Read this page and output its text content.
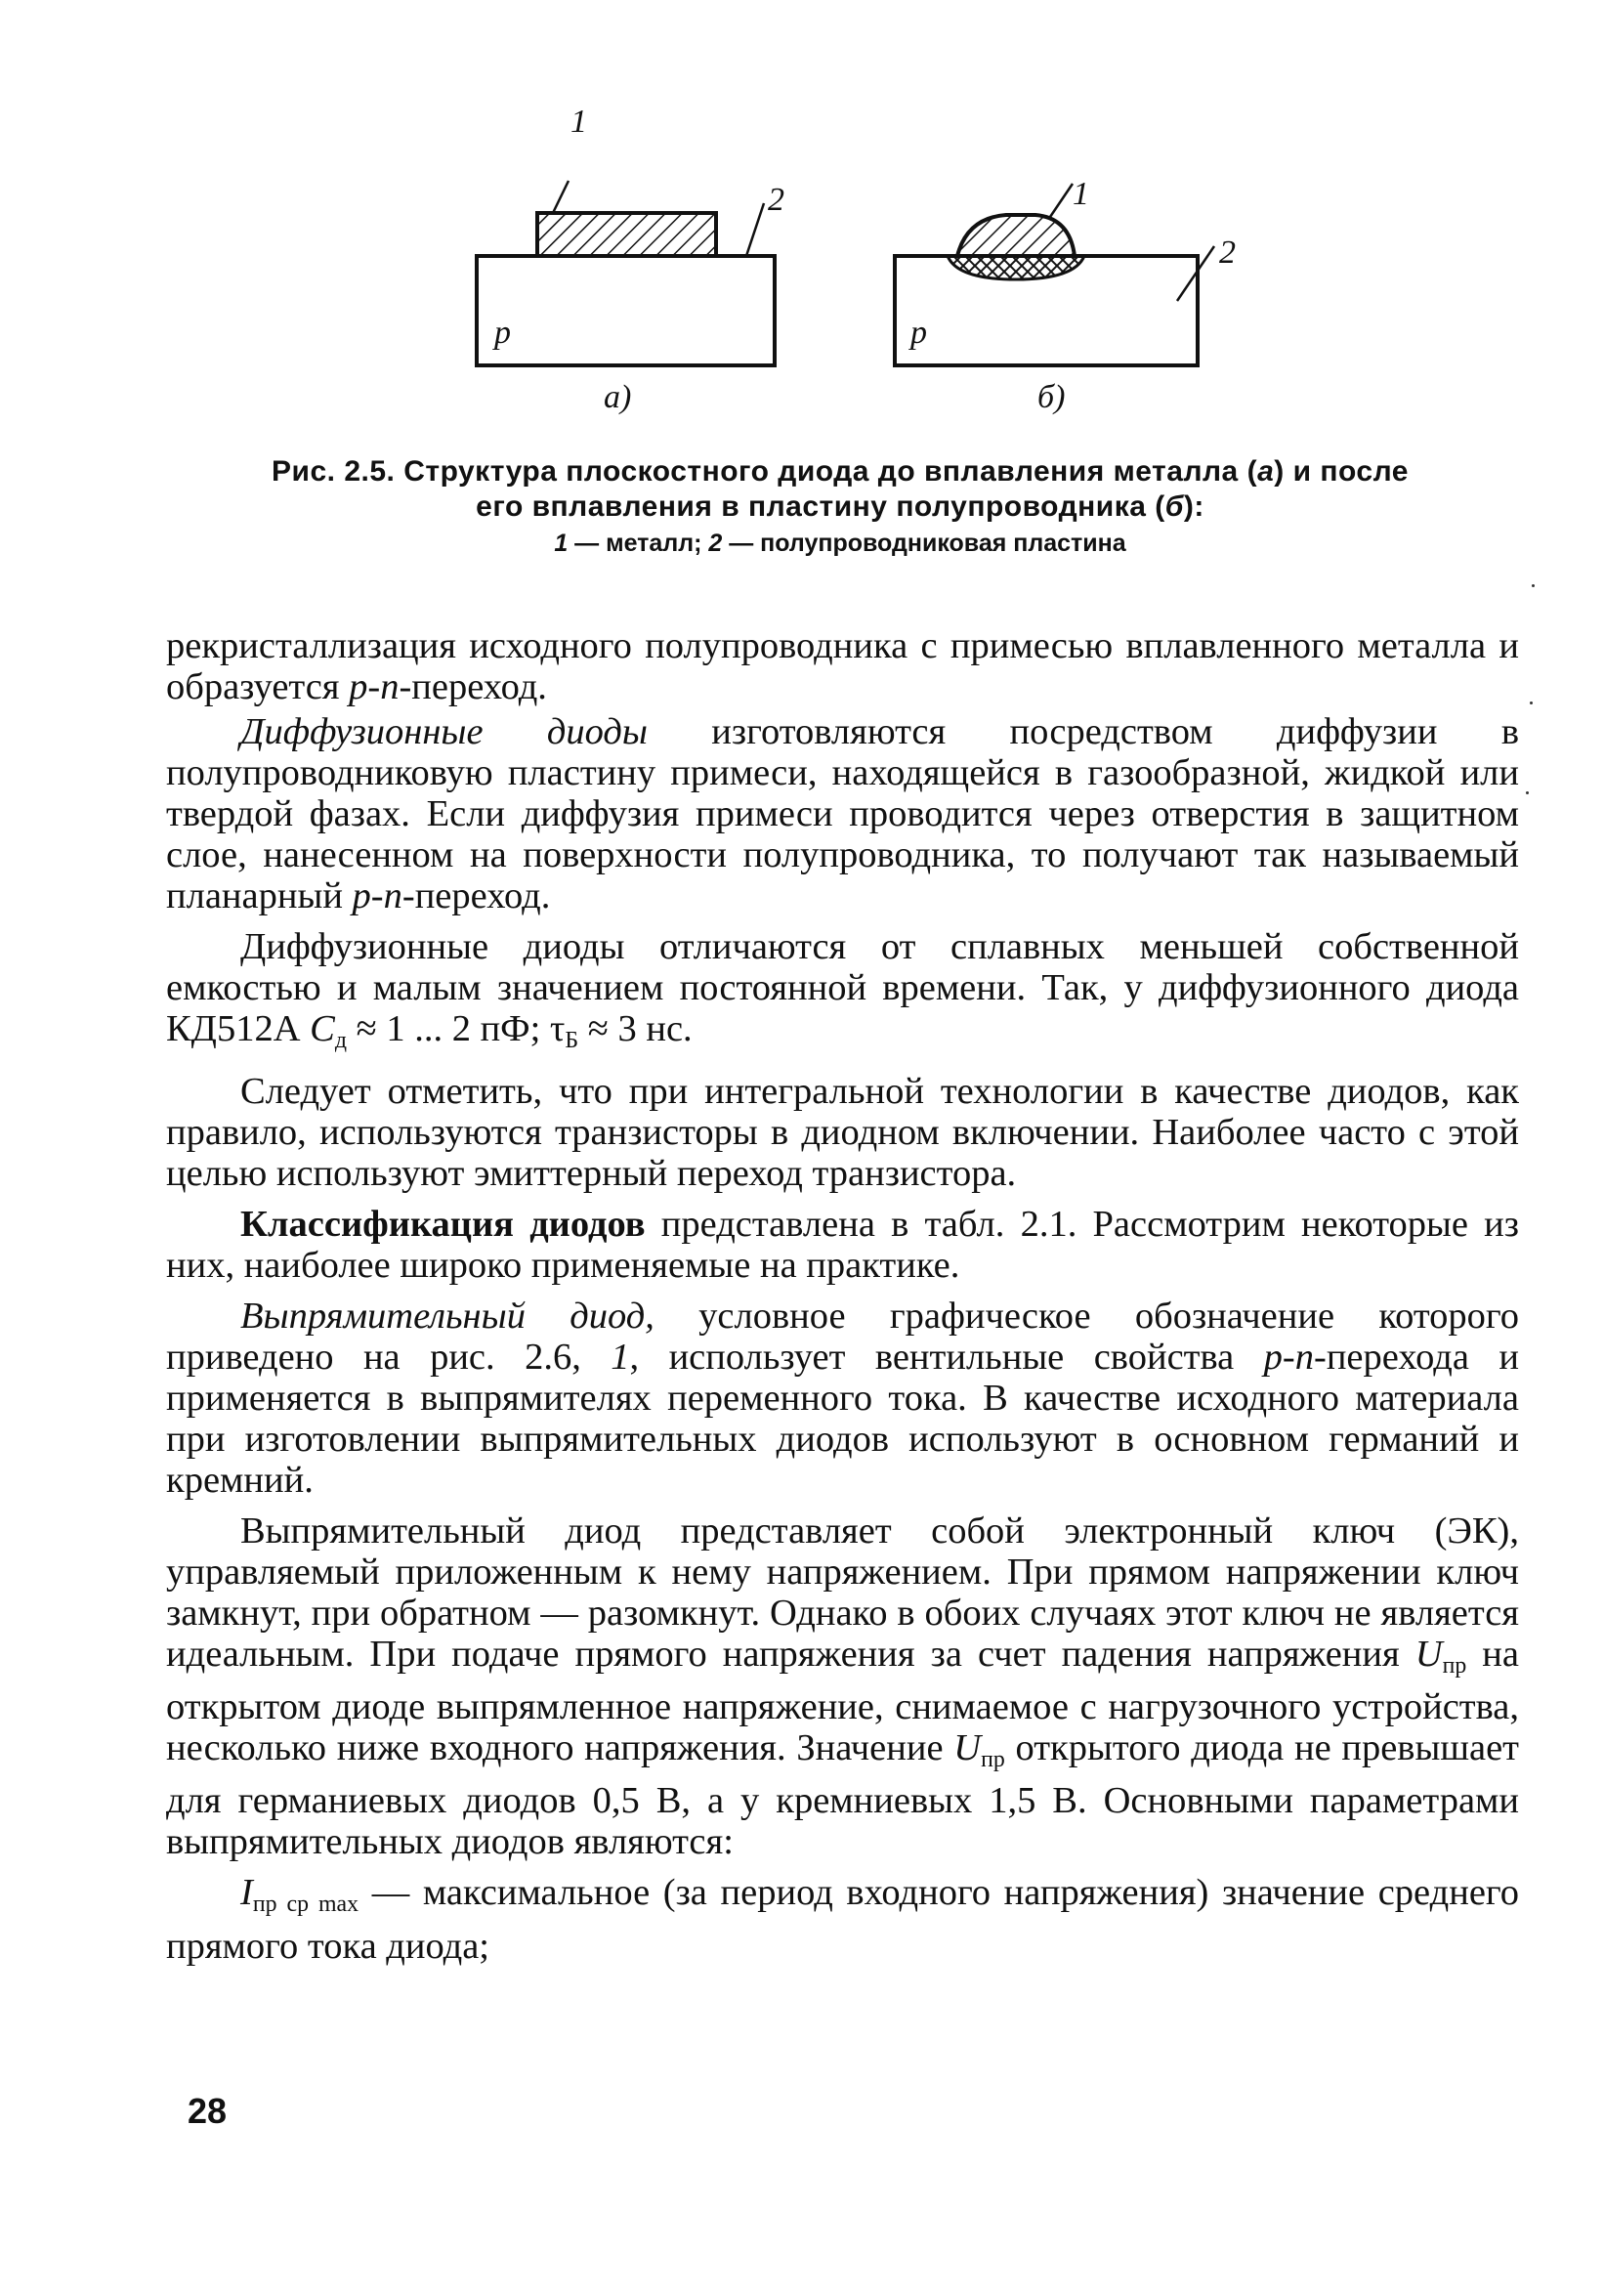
1
2
p
а)
1
2
p
б)
Рис. 2.5. Структура плоскостного диода до вплавления металла (а) и после
его вплавления в пластину полупроводника (б):
1 — металл; 2 — полупроводниковая пластина

рекристаллизация исходного полупроводника с примесью вплавленного металла и образуется p-n-переход.

Диффузионные диоды изготовляются посредством диффузии в полупроводниковую пластину примеси, находящейся в газообразной, жидкой или твердой фазах. Если диффузия примеси проводится через отверстия в защитном слое, нанесенном на поверхности полупроводника, то получают так называемый планарный p-n-переход.

Диффузионные диоды отличаются от сплавных меньшей собственной емкостью и малым значением постоянной времени. Так, у диффузионного диода КД512А $C_д \approx 1$ ... 2 пФ; $\tau_Б \approx 3$ нс.

Следует отметить, что при интегральной технологии в качестве диодов, как правило, используются транзисторы в диодном включении. Наиболее часто с этой целью используют эмиттерный переход транзистора.

Классификация диодов представлена в табл. 2.1. Рассмотрим некоторые из них, наиболее широко применяемые на практике.

Выпрямительный диод, условное графическое обозначение которого приведено на рис. 2.6, 1, использует вентильные свойства p-n-перехода и применяется в выпрямителях переменного тока. В качестве исходного материала при изготовлении выпрямительных диодов используют в основном германий и кремний.

Выпрямительный диод представляет собой электронный ключ (ЭК), управляемый приложенным к нему напряжением. При прямом напряжении ключ замкнут, при обратном — разомкнут. Однако в обоих случаях этот ключ не является идеальным. При подаче прямого напряжения за счет падения напряжения $U_{пр}$ на открытом диоде выпрямленное напряжение, снимаемое с нагрузочного устройства, несколько ниже входного напряжения. Значение $U_{пр}$ открытого диода не превышает для германиевых диодов 0,5 В, а у кремниевых 1,5 В. Основными параметрами выпрямительных диодов являются:

$I_{пр ср max}$ — максимальное (за период входного напряжения) значение среднего прямого тока диода;

28
